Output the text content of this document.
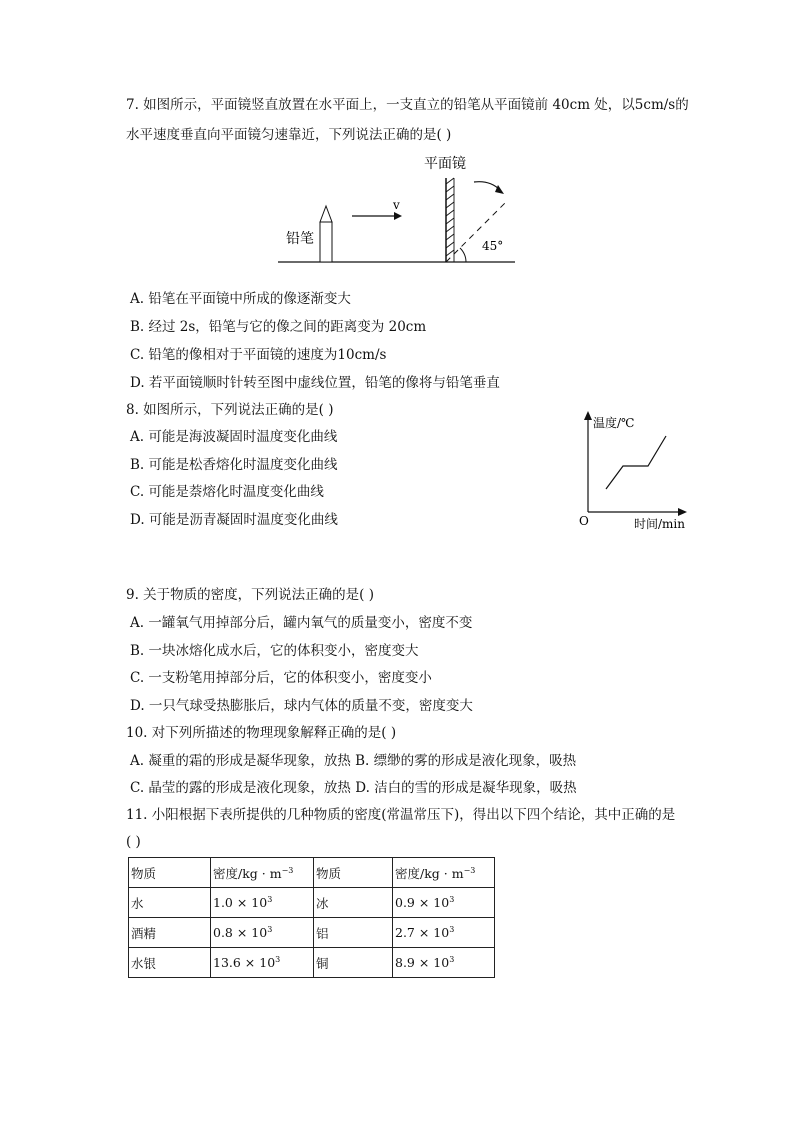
7. 如图所示，平面镜竖直放置在水平面上，一支直立的铅笔从平面镜前 40cm 处，以5cm/s的
水平速度垂直向平面镜匀速靠近，下列说法正确的是( )
平面镜
铅笔
v
45°
A. 铅笔在平面镜中所成的像逐渐变大
B. 经过 2s，铅笔与它的像之间的距离变为 20cm
C. 铅笔的像相对于平面镜的速度为10cm/s
D. 若平面镜顺时针转至图中虚线位置，铅笔的像将与铅笔垂直
8. 如图所示，下列说法正确的是( )
A. 可能是海波凝固时温度变化曲线
B. 可能是松香熔化时温度变化曲线
C. 可能是萘熔化时温度变化曲线
D. 可能是沥青凝固时温度变化曲线
温度/℃
时间/min
O
9. 关于物质的密度，下列说法正确的是( )
A. 一罐氧气用掉部分后，罐内氧气的质量变小，密度不变
B. 一块冰熔化成水后，它的体积变小，密度变大
C. 一支粉笔用掉部分后，它的体积变小，密度变小
D. 一只气球受热膨胀后，球内气体的质量不变，密度变大
10. 对下列所描述的物理现象解释正确的是( )
A. 凝重的霜的形成是凝华现象，放热 B. 缥缈的雾的形成是液化现象，吸热
C. 晶莹的露的形成是液化现象，放热 D. 洁白的雪的形成是凝华现象，吸热
11. 小阳根据下表所提供的几种物质的密度(常温常压下)，得出以下四个结论，其中正确的是
( )
物质	密度$/kg \cdot m^{-3}$	物质	密度$/kg \cdot m^{-3}$
水	$1.0 \times 10^3$	冰	$0.9 \times 10^3$
酒精	$0.8 \times 10^3$	铝	$2.7 \times 10^3$
水银	$13.6 \times 10^3$	铜	$8.9 \times 10^3$
